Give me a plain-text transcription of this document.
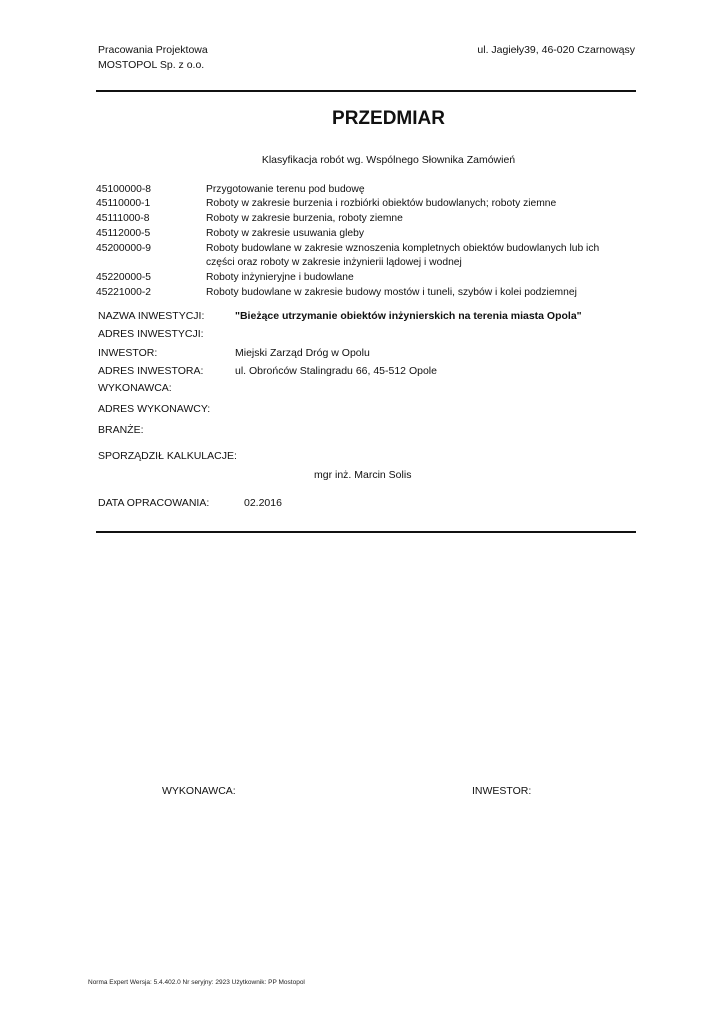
Pracowania Projektowa
MOSTOPOL Sp. z o.o.
ul. Jagieły39, 46-020 Czarnowąsy
PRZEDMIAR
Klasyfikacja robót wg. Wspólnego Słownika Zamówień
45100000-8	Przygotowanie terenu pod budowę
45110000-1	Roboty w zakresie burzenia i rozbiórki obiektów budowlanych; roboty ziemne
45111000-8	Roboty w zakresie burzenia, roboty ziemne
45112000-5	Roboty w zakresie usuwania gleby
45200000-9	Roboty budowlane w zakresie wznoszenia kompletnych obiektów budowlanych lub ich części oraz roboty w zakresie inżynierii lądowej i wodnej
45220000-5	Roboty inżynieryjne i budowlane
45221000-2	Roboty budowlane w zakresie budowy mostów i tuneli, szybów i kolei podziemnej
NAZWA INWESTYCJI:	"Bieżące utrzymanie obiektów inżynierskich na terenia miasta Opola"
ADRES INWESTYCJI:
INWESTOR:	Miejski Zarząd Dróg w Opolu
ADRES INWESTORA:	ul. Obrońców Stalingradu 66, 45-512 Opole
WYKONAWCA:
ADRES WYKONAWCY:
BRANŻE:
SPORZĄDZIŁ KALKULACJE:
mgr inż. Marcin Solis
DATA OPRACOWANIA:	02.2016
WYKONAWCA:	INWESTOR:
Norma Expert Wersja: 5.4.402.0 Nr seryjny: 2923 Użytkownik: PP Mostopol
